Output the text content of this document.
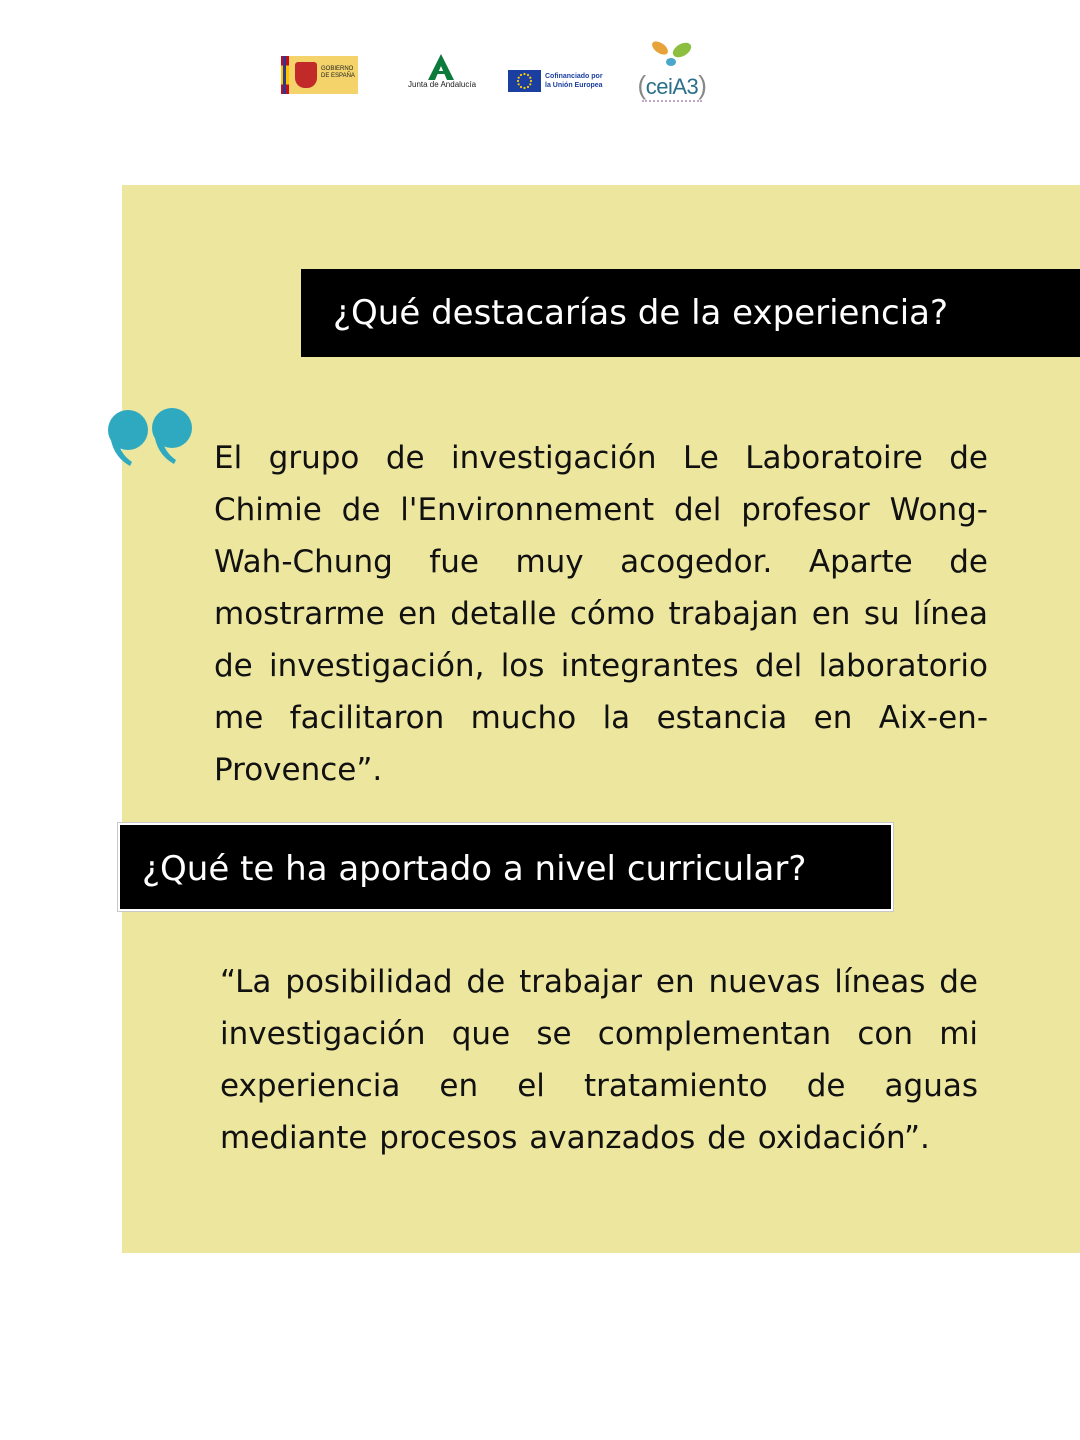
GOBIERNO DE ESPAÑA
Junta de Andalucía
Cofinanciado por
la Unión Europea (ceiA3)
¿Qué destacarías de la experiencia?
El grupo de investigación Le Laboratoire de Chimie de l'Environnement del profesor Wong-Wah-Chung fue muy acogedor. Aparte de mostrarme en detalle cómo trabajan en su línea de investigación, los integrantes del laboratorio me facilitaron mucho la estancia en Aix-en-Provence”.
¿Qué te ha aportado a nivel curricular?
“La posibilidad de trabajar en nuevas líneas de investigación que se complementan con mi experiencia en el tratamiento de aguas mediante procesos avanzados de oxidación”.
